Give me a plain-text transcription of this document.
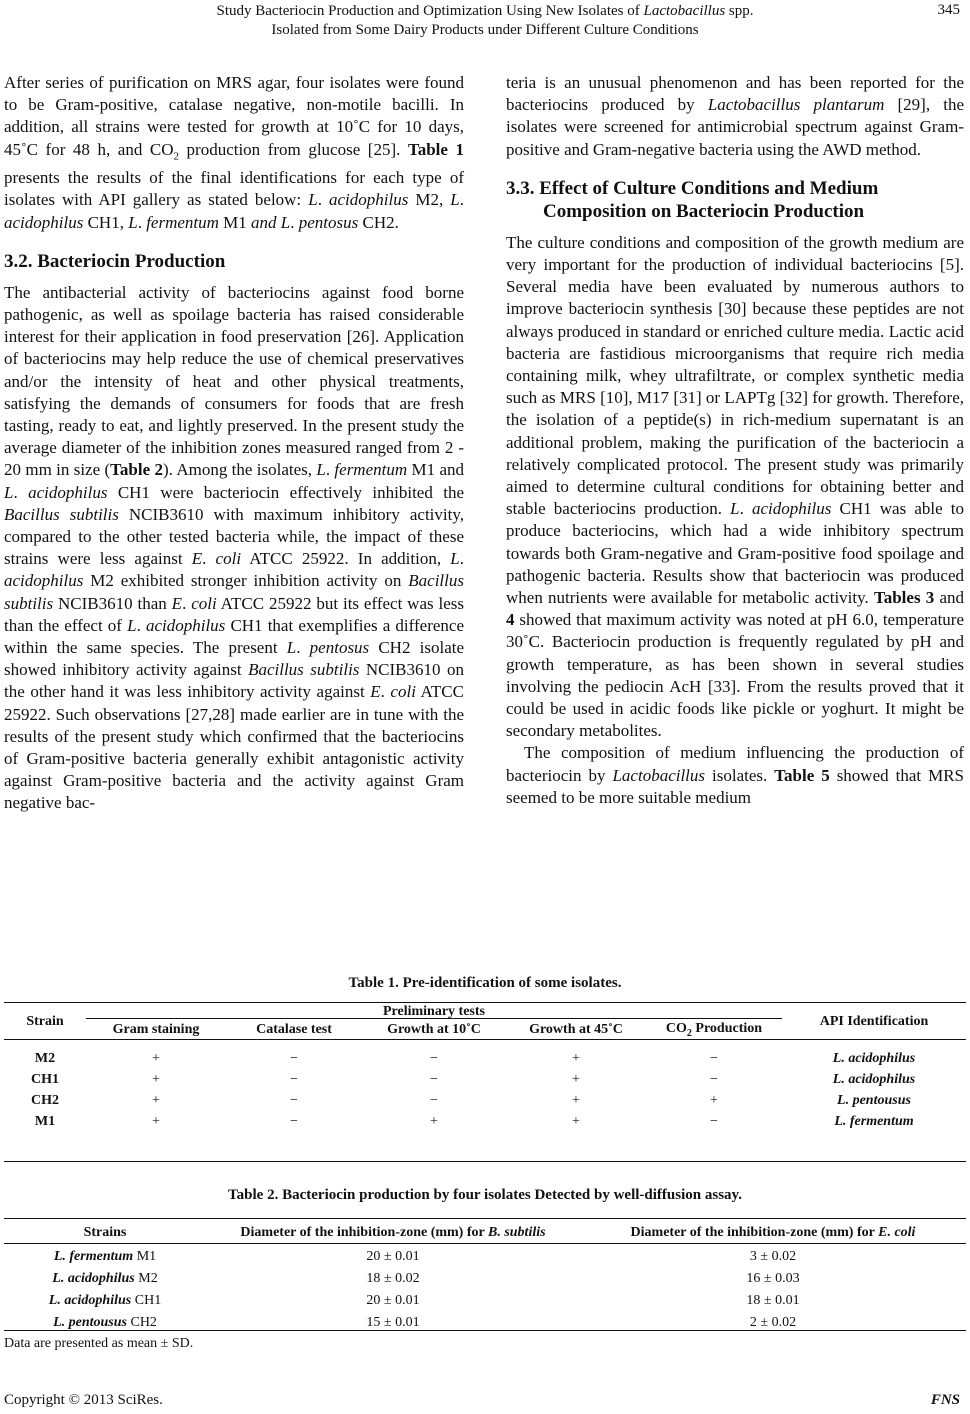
Study Bacteriocin Production and Optimization Using New Isolates of Lactobacillus spp.
Isolated from Some Dairy Products under Different Culture Conditions
345

After series of purification on MRS agar, four isolates were found to be Gram-positive, catalase negative, non-motile bacilli. In addition, all strains were tested for growth at 10˚C for 10 days, 45˚C for 48 h, and $CO_2$ production from glucose [25]. Table 1 presents the results of the final identifications for each type of isolates with API gallery as stated below: L. acidophilus M2, L. acidophilus CH1, L. fermentum M1 and L. pentosus CH2.

3.2. Bacteriocin Production

The antibacterial activity of bacteriocins against food borne pathogenic, as well as spoilage bacteria has raised considerable interest for their application in food preservation [26]. Application of bacteriocins may help reduce the use of chemical preservatives and/or the intensity of heat and other physical treatments, satisfying the demands of consumers for foods that are fresh tasting, ready to eat, and lightly preserved. In the present study the average diameter of the inhibition zones measured ranged from 2 - 20 mm in size (Table 2). Among the isolates, L. fermentum M1 and L. acidophilus CH1 were bacteriocin effectively inhibited the Bacillus subtilis NCIB3610 with maximum inhibitory activity, compared to the other tested bacteria while, the impact of these strains were less against E. coli ATCC 25922. In addition, L. acidophilus M2 exhibited stronger inhibition activity on Bacillus subtilis NCIB3610 than E. coli ATCC 25922 but its effect was less than the effect of L. acidophilus CH1 that exemplifies a difference within the same species. The present L. pentosus CH2 isolate showed inhibitory activity against Bacillus subtilis NCIB3610 on the other hand it was less inhibitory activity against E. coli ATCC 25922. Such observations [27,28] made earlier are in tune with the results of the present study which confirmed that the bacteriocins of Gram-positive bacteria generally exhibit antagonistic activity against Gram-positive bacteria and the activity against Gram negative bac-

teria is an unusual phenomenon and has been reported for the bacteriocins produced by Lactobacillus plantarum [29], the isolates were screened for antimicrobial spectrum against Gram-positive and Gram-negative bacteria using the AWD method.

3.3. Effect of Culture Conditions and Medium
Composition on Bacteriocin Production

The culture conditions and composition of the growth medium are very important for the production of individual bacteriocins [5]. Several media have been evaluated by numerous authors to improve bacteriocin synthesis [30] because these peptides are not always produced in standard or enriched culture media. Lactic acid bacteria are fastidious microorganisms that require rich media containing milk, whey ultrafiltrate, or complex synthetic media such as MRS [10], M17 [31] or LAPTg [32] for growth. Therefore, the isolation of a peptide(s) in rich-medium supernatant is an additional problem, making the purification of the bacteriocin a relatively complicated protocol. The present study was primarily aimed to determine cultural conditions for obtaining better and stable bacteriocins production. L. acidophilus CH1 was able to produce bacteriocins, which had a wide inhibitory spectrum towards both Gram-negative and Gram-positive food spoilage and pathogenic bacteria. Results show that bacteriocin was produced when nutrients were available for metabolic activity. Tables 3 and 4 showed that maximum activity was noted at pH 6.0, temperature 30˚C. Bacteriocin production is frequently regulated by pH and growth temperature, as has been shown in several studies involving the pediocin AcH [33]. From the results proved that it could be used in acidic foods like pickle or yoghurt. It might be secondary metabolites.

The composition of medium influencing the production of bacteriocin by Lactobacillus isolates. Table 5 showed that MRS seemed to be more suitable medium

Table 1. Pre-identification of some isolates.
Strain	Preliminary tests					API Identification
	Gram staining	Catalase test	Growth at 10˚C	Growth at 45˚C	$CO_2$ Production	

M2	+	−	−	+	−	L. acidophilus
CH1	+	−	−	+	−	L. acidophilus
CH2	+	−	−	+	+	L. pentousus
M1	+	−	+	+	−	L. fermentum
Table 2. Bacteriocin production by four isolates Detected by well-diffusion assay.
Strains	Diameter of the inhibition-zone (mm) for B. subtilis	Diameter of the inhibition-zone (mm) for E. coli
L. fermentum M1	20 ± 0.01	3 ± 0.02
L. acidophilus M2	18 ± 0.02	16 ± 0.03
L. acidophilus CH1	20 ± 0.01	18 ± 0.01
L. pentousus CH2	15 ± 0.01	2 ± 0.02
Data are presented as mean ± SD.
Copyright © 2013 SciRes.	FNS
